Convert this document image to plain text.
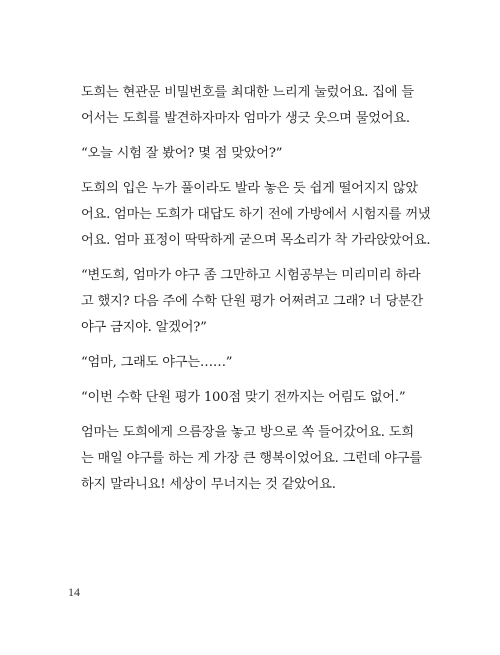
도희는 현관문 비밀번호를 최대한 느리게 눌렀어요. 집에 들
어서는 도희를 발견하자마자 엄마가 생긋 웃으며 물었어요.

“오늘 시험 잘 봤어? 몇 점 맞았어?”

도희의 입은 누가 풀이라도 발라 놓은 듯 쉽게 떨어지지 않았
어요. 엄마는 도희가 대답도 하기 전에 가방에서 시험지를 꺼냈
어요. 엄마 표정이 딱딱하게 굳으며 목소리가 착 가라앉았어요.

“변도희, 엄마가 야구 좀 그만하고 시험공부는 미리미리 하라
고 했지? 다음 주에 수학 단원 평가 어쩌려고 그래? 너 당분간
야구 금지야. 알겠어?”

“엄마, 그래도 야구는……”

“이번 수학 단원 평가 100점 맞기 전까지는 어림도 없어.”

엄마는 도희에게 으름장을 놓고 방으로 쏙 들어갔어요. 도희
는 매일 야구를 하는 게 가장 큰 행복이었어요. 그런데 야구를
하지 말라니요! 세상이 무너지는 것 같았어요.

14
